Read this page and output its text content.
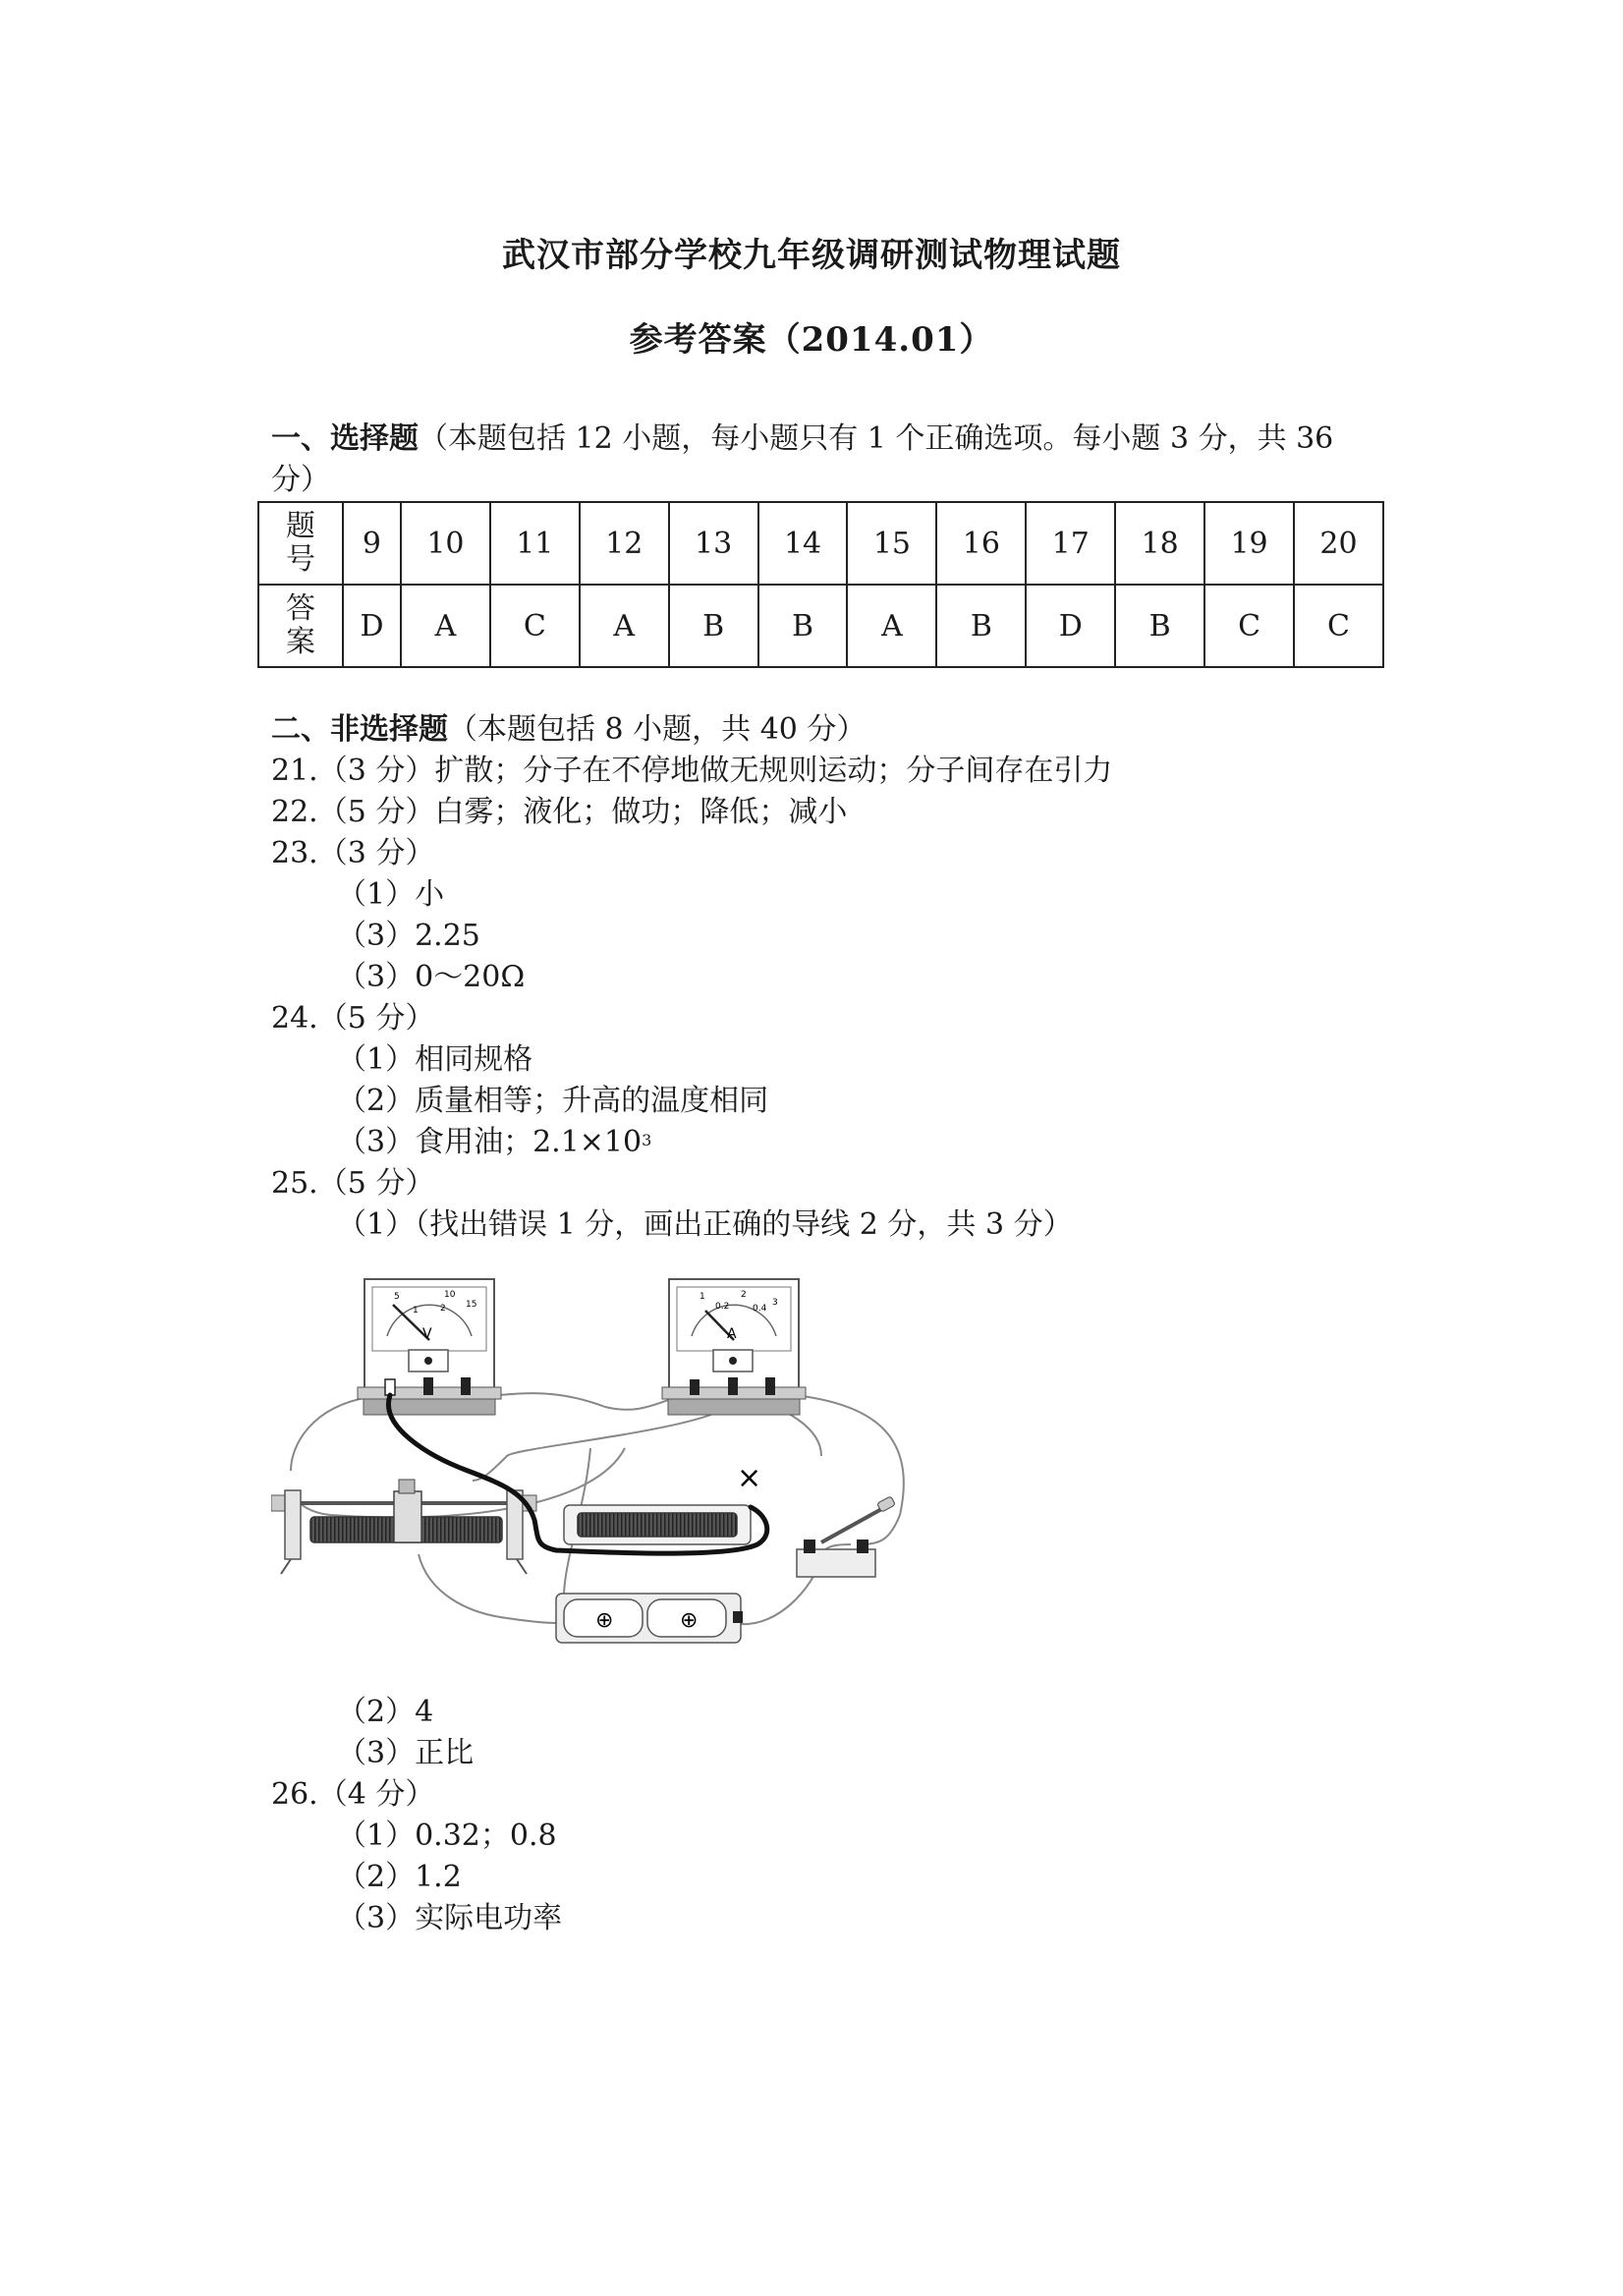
武汉市部分学校九年级调研测试物理试题
参考答案（2014.01）
一、选择题（本题包括 12 小题，每小题只有 1 个正确选项。每小题 3 分，共 36
分）
题号	9	10	11	12	13	14	15	16	17	18	19	20
答案	D	A	C	A	B	B	A	B	D	B	C	C
二、非选择题（本题包括 8 小题，共 40 分）
21.（3 分）扩散；分子在不停地做无规则运动；分子间存在引力
22.（5 分）白雾；液化；做功；降低；减小
23.（3 分）
（1）小
（3）2.25
（3）0～20Ω
24.（5 分）
（1）相同规格
（2）质量相等；升高的温度相同
（3）食用油；$2.1\times 10^3$
25.（5 分）
（1）（找出错误 1 分，画出正确的导线 2 分，共 3 分）
V
5	10
1 2 15
A
1
0.2
2
0.4
3
×
⊕	⊕
（2）4
（3）正比
26.（4 分）
（1）0.32；0.8
（2）1.2
（3）实际电功率
